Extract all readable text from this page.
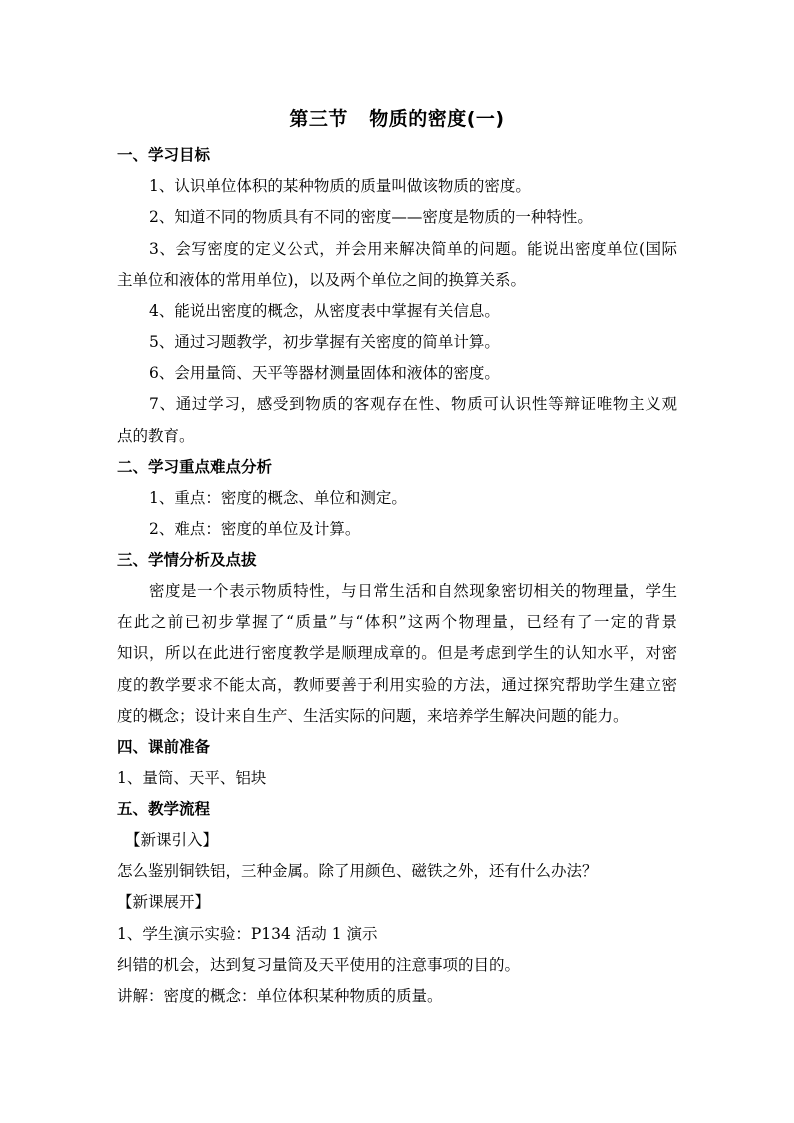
第三节   物质的密度(一)
一、学习目标
1、认识单位体积的某种物质的质量叫做该物质的密度。
2、知道不同的物质具有不同的密度——密度是物质的一种特性。
3、会写密度的定义公式，并会用来解决简单的问题。能说出密度单位(国际
主单位和液体的常用单位)，以及两个单位之间的换算关系。
4、能说出密度的概念，从密度表中掌握有关信息。
5、通过习题教学，初步掌握有关密度的简单计算。
6、会用量筒、天平等器材测量固体和液体的密度。
7、通过学习，感受到物质的客观存在性、物质可认识性等辩证唯物主义观
点的教育。
二、学习重点难点分析
1、重点：密度的概念、单位和测定。
2、难点：密度的单位及计算。
三、学情分析及点拔
密度是一个表示物质特性，与日常生活和自然现象密切相关的物理量，学生
在此之前已初步掌握了“质量”与“体积”这两个物理量，已经有了一定的背景
知识，所以在此进行密度教学是顺理成章的。但是考虑到学生的认知水平，对密
度的教学要求不能太高，教师要善于利用实验的方法，通过探究帮助学生建立密
度的概念；设计来自生产、生活实际的问题，来培养学生解决问题的能力。
四、课前准备
1、量筒、天平、铝块
五、教学流程
【新课引入】
怎么鉴别铜铁铝，三种金属。除了用颜色、磁铁之外，还有什么办法？
【新课展开】
1、学生演示实验：P134 活动 1 演示
纠错的机会，达到复习量筒及天平使用的注意事项的目的。
讲解：密度的概念：单位体积某种物质的质量。
